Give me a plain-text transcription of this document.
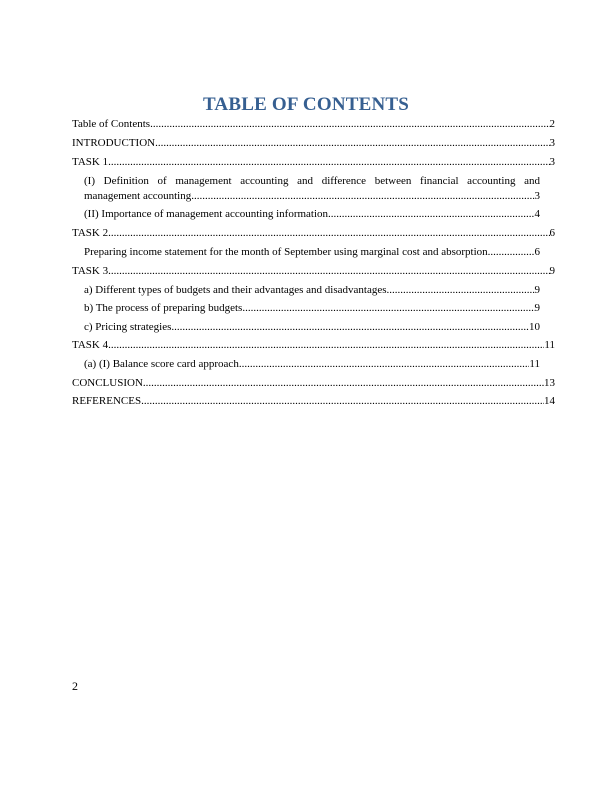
TABLE OF CONTENTS
Table of Contents .....	2
INTRODUCTION .....	3
TASK 1 .....	3
(I) Definition of management accounting and difference between financial accounting and
management accounting .....	3
(II) Importance of management accounting information .....	4
TASK 2 .....	6
Preparing income statement for the month of September using marginal cost and absorption .....	6
TASK 3 .....	9
a) Different types of budgets and their advantages and disadvantages .....	9
b) The process of preparing budgets .....	9
c) Pricing strategies .....	10
TASK 4 .....	11
(a) (I) Balance score card approach .....	11
CONCLUSION .....	13
REFERENCES .....	14
2
